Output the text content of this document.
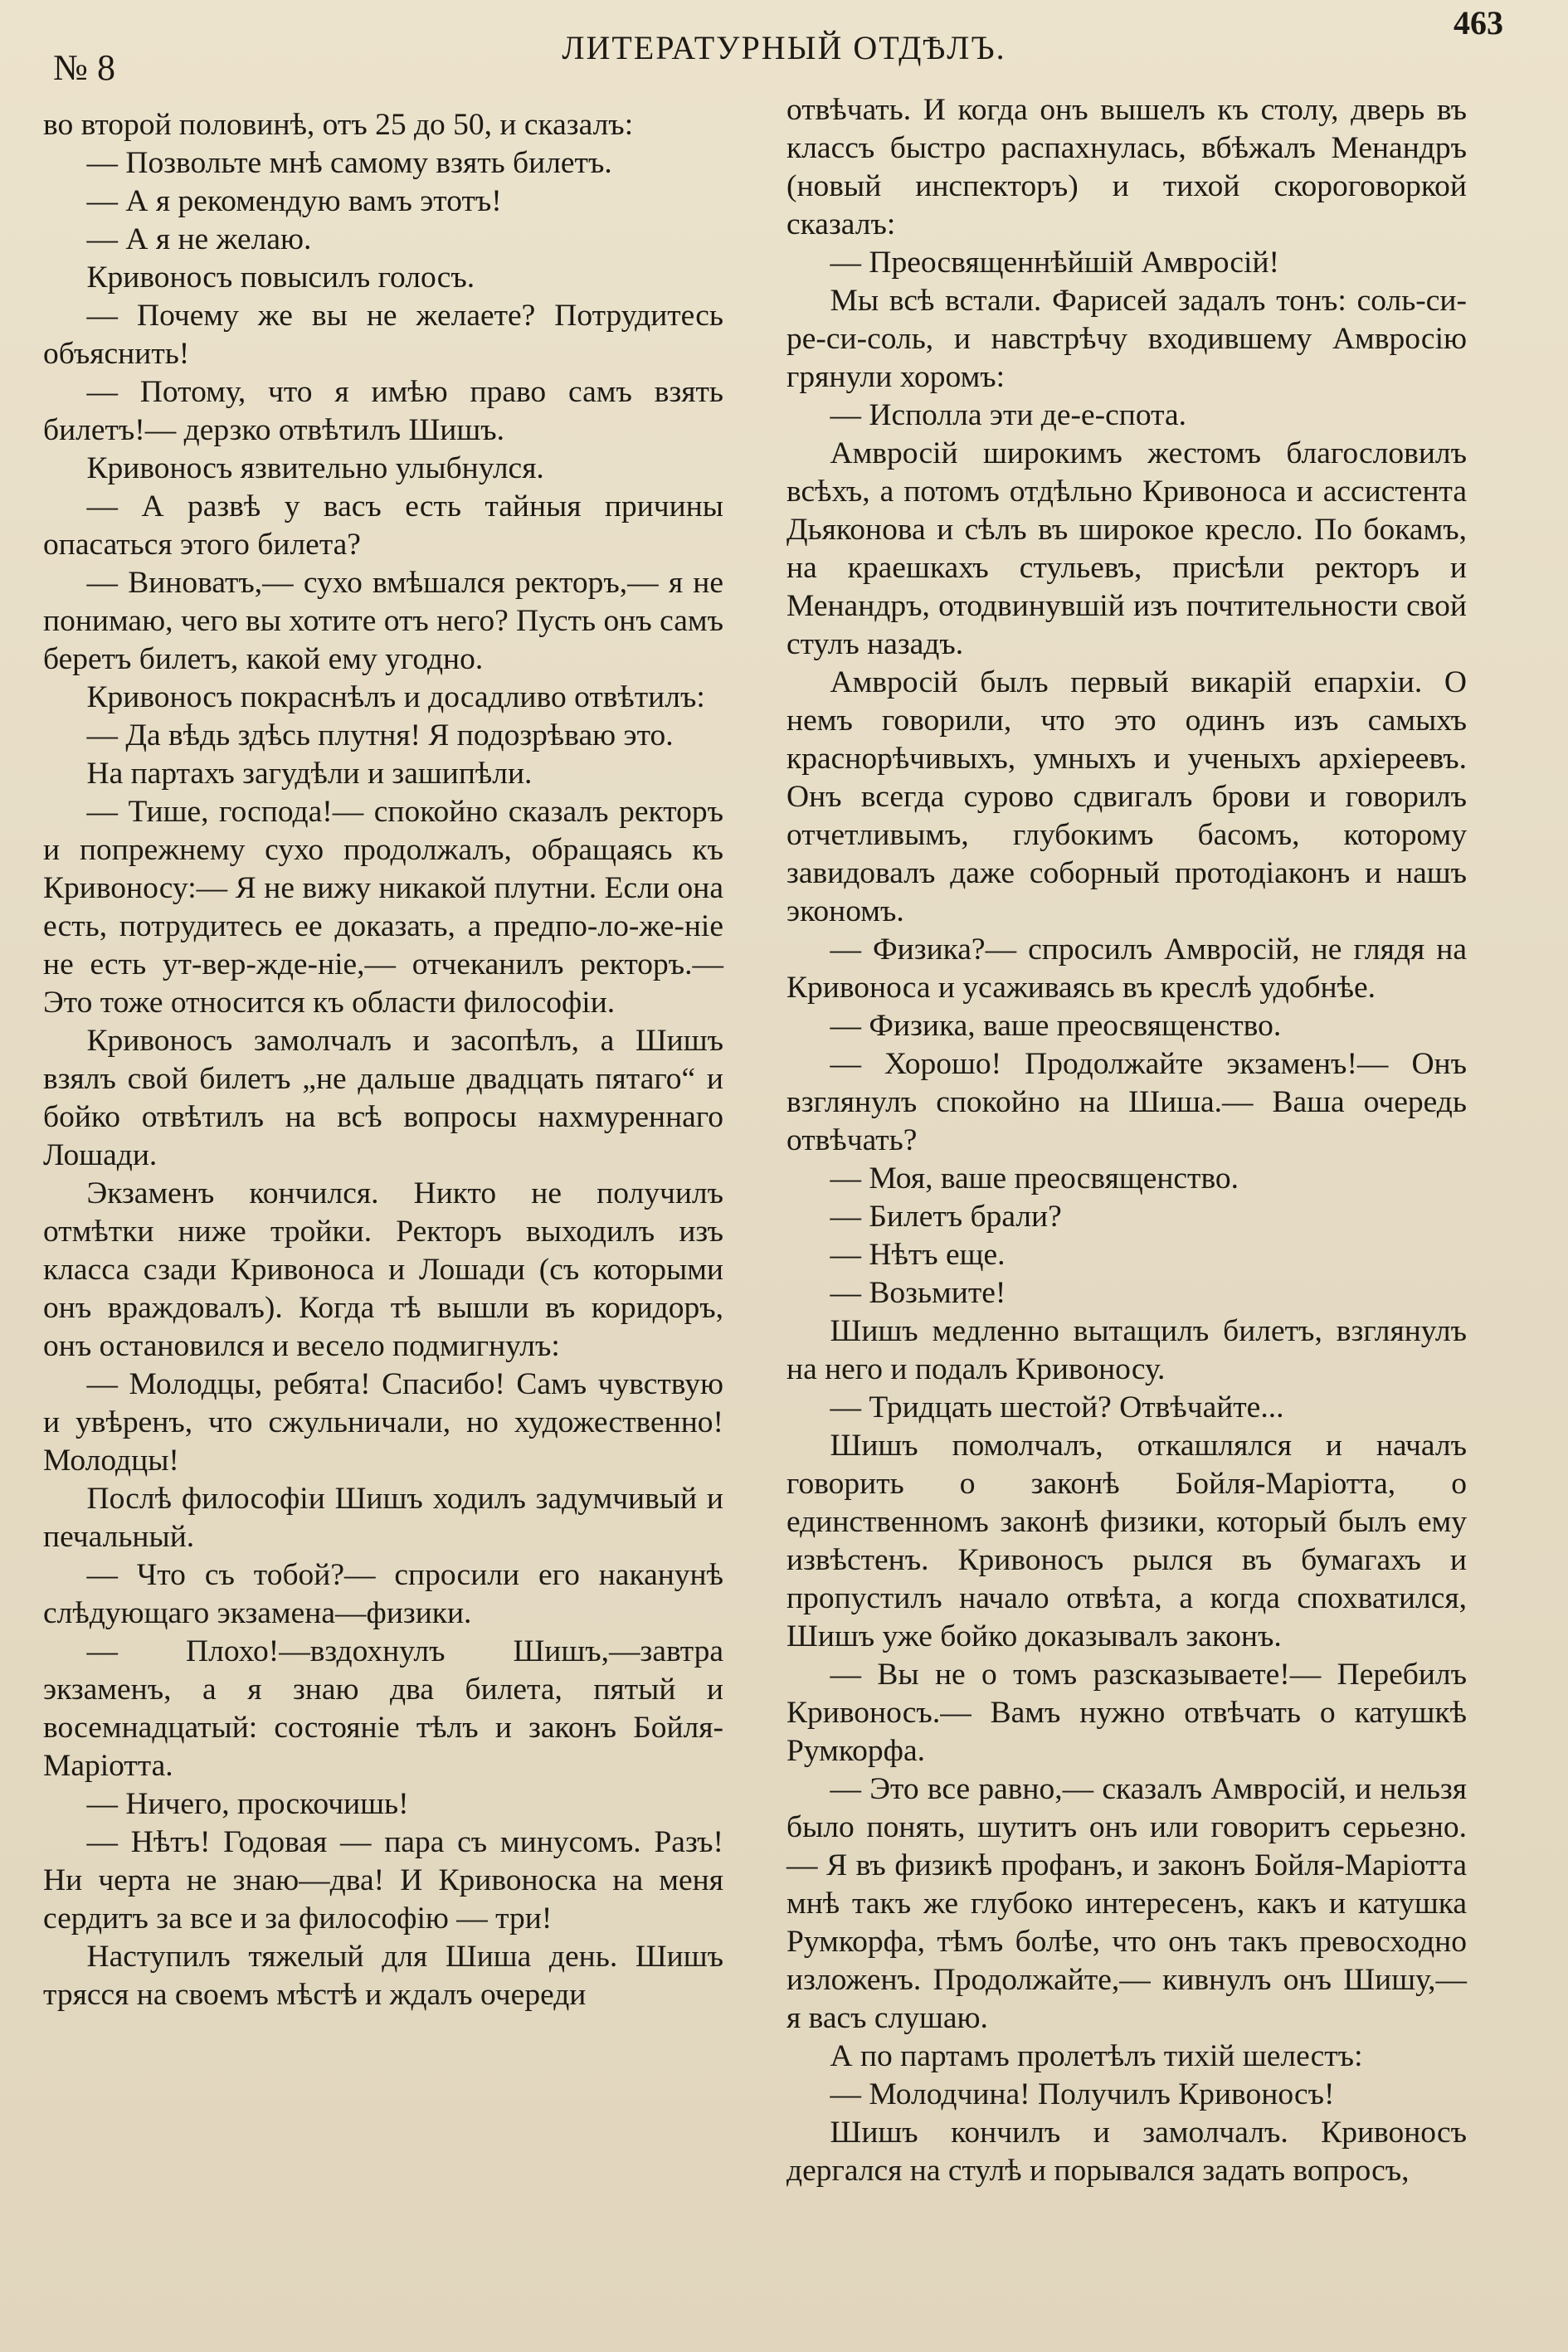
№ 8	ЛИТЕРАТУРНЫЙ ОТДѢЛЪ.
463

во второй половинѣ, отъ 25 до 50, и сказалъ:

— Позвольте мнѣ самому взять билетъ.

— А я рекомендую вамъ этотъ!

— А я не желаю.

Кривоносъ повысилъ голосъ.

— Почему же вы не желаете? Потрудитесь объяснить!

— Потому, что я имѣю право самъ взять билетъ!— дерзко отвѣтилъ Шишъ.

Кривоносъ язвительно улыбнулся.

— А развѣ у васъ есть тайныя причины опасаться этого билета?

— Виноватъ,— сухо вмѣшался ректоръ,— я не понимаю, чего вы хотите отъ него? Пусть онъ самъ беретъ билетъ, какой ему угодно.

Кривоносъ покраснѣлъ и досадливо отвѣтилъ:

— Да вѣдь здѣсь плутня! Я подозрѣваю это.

На партахъ загудѣли и зашипѣли.

— Тише, господа!— спокойно сказалъ ректоръ и попрежнему сухо продолжалъ, обращаясь къ Кривоносу:— Я не вижу никакой плутни. Если она есть, потрудитесь ее доказать, а предпо-ло-же-нiе не есть ут-вер-жде-нiе,— отчеканилъ ректоръ.— Это тоже относится къ области философiи.

Кривоносъ замолчалъ и засопѣлъ, а Шишъ взялъ свой билетъ „не дальше двадцать пятаго“ и бойко отвѣтилъ на всѣ вопросы нахмуреннаго Лошади.

Экзаменъ кончился. Никто не получилъ отмѣтки ниже тройки. Ректоръ выходилъ изъ класса сзади Кривоноса и Лошади (съ которыми онъ враждовалъ). Когда тѣ вышли въ коридоръ, онъ остановился и весело подмигнулъ:

— Молодцы, ребята! Спасибо! Самъ чувствую и увѣренъ, что сжульничали, но художественно! Молодцы!

Послѣ философiи Шишъ ходилъ задумчивый и печальный.

— Что съ тобой?— спросили его наканунѣ слѣдующаго экзамена—физики.

— Плохо!—вздохнулъ Шишъ,—завтра экзаменъ, а я знаю два билета, пятый и восемнадцатый: состоянiе тѣлъ и законъ Бойля-Марiотта.

— Ничего, проскочишь!

— Нѣтъ! Годовая — пара съ минусомъ. Разъ! Ни черта не знаю—два! И Кривоноска на меня сердитъ за все и за философiю — три!

Наступилъ тяжелый для Шиша день. Шишъ трясся на своемъ мѣстѣ и ждалъ очереди

отвѣчать. И когда онъ вышелъ къ столу, дверь въ классъ быстро распахнулась, вбѣжалъ Менандръ (новый инспекторъ) и тихой скороговоркой сказалъ:

— Преосвященнѣйшiй Амвросiй!

Мы всѣ встали. Фарисей задалъ тонъ: соль-си-ре-си-соль, и навстрѣчу входившему Амвросiю грянули хоромъ:

— Исполла эти де-е-спота.

Амвросiй широкимъ жестомъ благословилъ всѣхъ, а потомъ отдѣльно Кривоноса и ассистента Дьяконова и сѣлъ въ широкое кресло. По бокамъ, на краешкахъ стульевъ, присѣли ректоръ и Менандръ, отодвинувшiй изъ почтительности свой стулъ назадъ.

Амвросiй былъ первый викарiй епархiи. О немъ говорили, что это одинъ изъ самыхъ краснорѣчивыхъ, умныхъ и ученыхъ архiереевъ. Онъ всегда сурово сдвигалъ брови и говорилъ отчетливымъ, глубокимъ басомъ, которому завидовалъ даже соборный протодiаконъ и нашъ экономъ.

— Физика?— спросилъ Амвросiй, не глядя на Кривоноса и усаживаясь въ креслѣ удобнѣе.

— Физика, ваше преосвященство.

— Хорошо! Продолжайте экзаменъ!— Онъ взглянулъ спокойно на Шиша.— Ваша очередь отвѣчать?

— Моя, ваше преосвященство.

— Билетъ брали?

— Нѣтъ еще.

— Возьмите!

Шишъ медленно вытащилъ билетъ, взглянулъ на него и подалъ Кривоносу.

— Тридцать шестой? Отвѣчайте...

Шишъ помолчалъ, откашлялся и началъ говорить о законѣ Бойля-Марiотта, о единственномъ законѣ физики, который былъ ему извѣстенъ. Кривоносъ рылся въ бумагахъ и пропустилъ начало отвѣта, а когда спохватился, Шишъ уже бойко доказывалъ законъ.

— Вы не о томъ разсказываете!— Перебилъ Кривоносъ.— Вамъ нужно отвѣчать о катушкѣ Румкорфа.

— Это все равно,— сказалъ Амвросiй, и нельзя было понять, шутитъ онъ или говоритъ серьезно.— Я въ физикѣ профанъ, и законъ Бойля-Марiотта мнѣ такъ же глубоко интересенъ, какъ и катушка Румкорфа, тѣмъ болѣе, что онъ такъ превосходно изложенъ. Продолжайте,— кивнулъ онъ Шишу,— я васъ слушаю.

А по партамъ пролетѣлъ тихiй шелестъ:

— Молодчина! Получилъ Кривоносъ!

Шишъ кончилъ и замолчалъ. Кривоносъ дергался на стулѣ и порывался задать вопросъ,
